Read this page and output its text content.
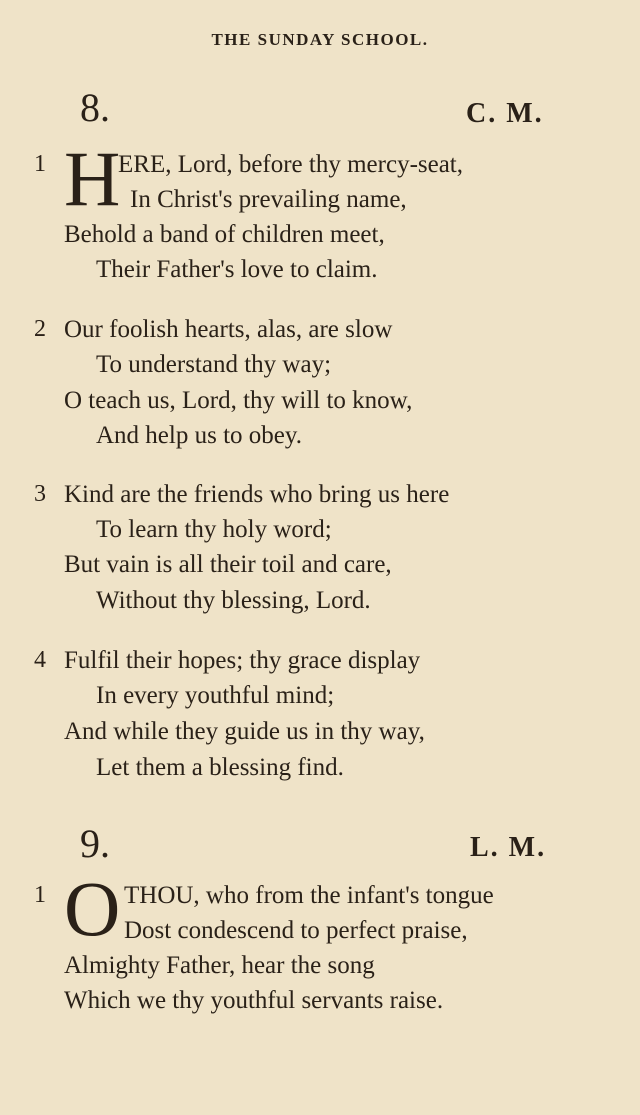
THE SUNDAY SCHOOL.
8.	C. M.
1 H
ERE, Lord, before thy mercy-seat,
In Christ's prevailing name,
Behold a band of children meet,
Their Father's love to claim.
2 Our foolish hearts, alas, are slow
To understand thy way;
O teach us, Lord, thy will to know,
And help us to obey.
3 Kind are the friends who bring us here
To learn thy holy word;
But vain is all their toil and care,
Without thy blessing, Lord.
4 Fulfil their hopes; thy grace display
In every youthful mind;
And while they guide us in thy way,
Let them a blessing find.
9.	L. M.
1 O THOU, who from the infant's tongue
Dost condescend to perfect praise,
Almighty Father, hear the song
Which we thy youthful servants raise.
